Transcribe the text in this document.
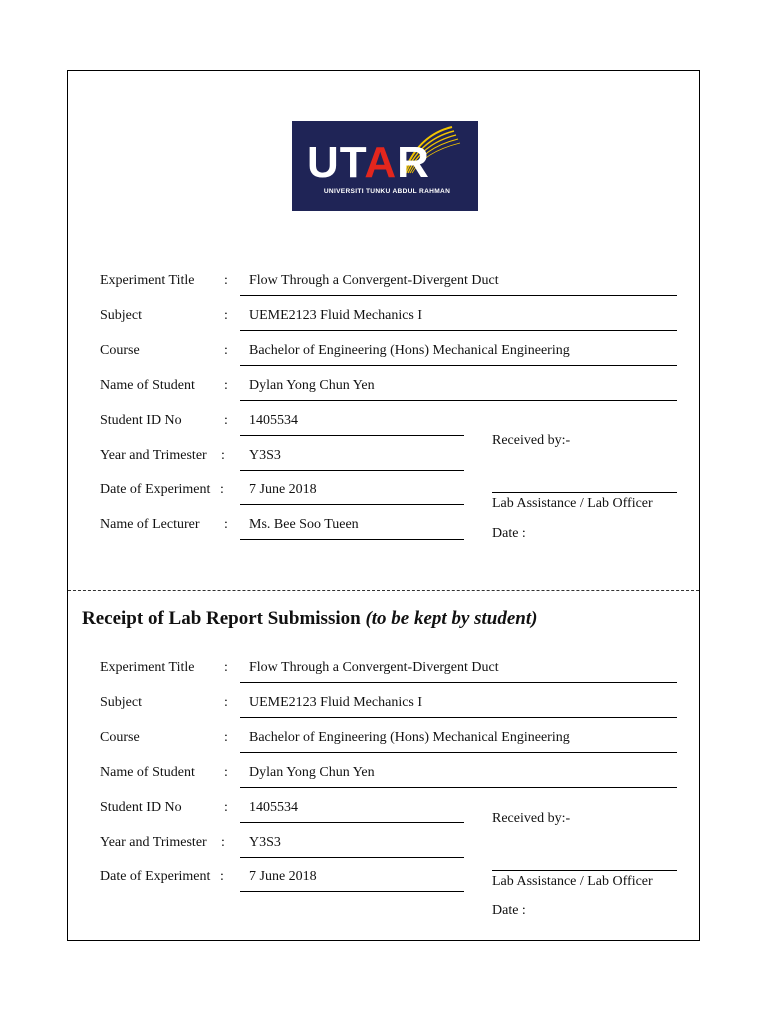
UTAR
UNIVERSITI TUNKU ABDUL RAHMAN
Experiment Title : Flow Through a Convergent-Divergent Duct
Subject	: UEME2123 Fluid Mechanics I
Course	: Bachelor of Engineering (Hons) Mechanical Engineering
Name of Student : Dylan Yong Chun Yen
Student ID No	: 1405534
Year and Trimester : Y3S3
Date of Experiment : 7 June 2018
Name of Lecturer : Ms. Bee Soo Tueen
Received by:-
Lab Assistance / Lab Officer
Date :
Receipt of Lab Report Submission (to be kept by student)
Experiment Title : Flow Through a Convergent-Divergent Duct
Subject	: UEME2123 Fluid Mechanics I
Course	: Bachelor of Engineering (Hons) Mechanical Engineering
Name of Student : Dylan Yong Chun Yen
Student ID No	: 1405534
Year and Trimester : Y3S3
Date of Experiment : 7 June 2018
Received by:-
Lab Assistance / Lab Officer
Date :
